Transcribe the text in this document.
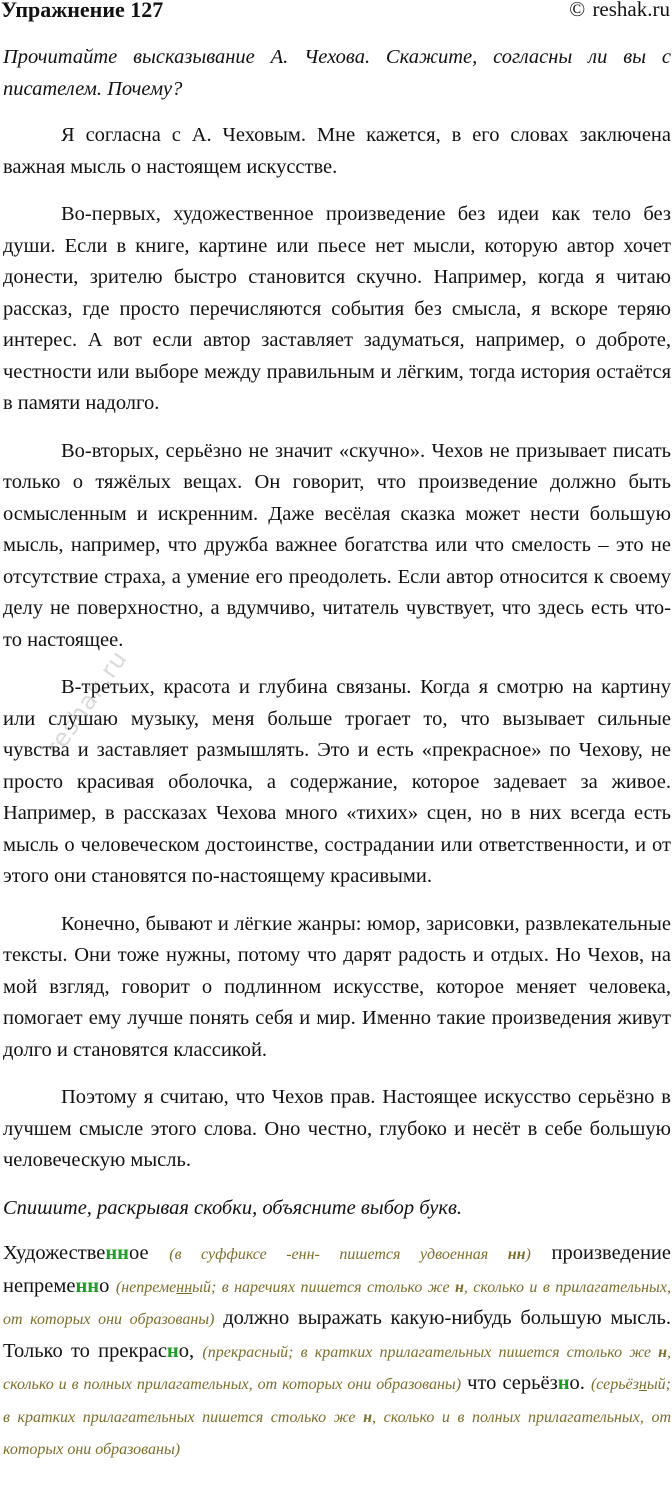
Упражнение 127	© reshak.ru
reshak.ru

Прочитайте высказывание А. Чехова. Скажите, согласны ли вы с писателем. Почему?

Я согласна с А. Чеховым. Мне кажется, в его словах заключена важная мысль о настоящем искусстве.

Во-первых, художественное произведение без идеи как тело без души. Если в книге, картине или пьесе нет мысли, которую автор хочет донести, зрителю быстро становится скучно. Например, когда я читаю рассказ, где просто перечисляются события без смысла, я вскоре теряю интерес. А вот если автор заставляет задуматься, например, о доброте, честности или выборе между правильным и лёгким, тогда история остаётся в памяти надолго.

Во-вторых, серьёзно не значит «скучно». Чехов не призывает писать только о тяжёлых вещах. Он говорит, что произведение должно быть осмысленным и искренним. Даже весёлая сказка может нести большую мысль, например, что дружба важнее богатства или что смелость – это не отсутствие страха, а умение его преодолеть. Если автор относится к своему делу не поверхностно, а вдумчиво, читатель чувствует, что здесь есть что-то настоящее.

В-третьих, красота и глубина связаны. Когда я смотрю на картину или слушаю музыку, меня больше трогает то, что вызывает сильные чувства и заставляет размышлять. Это и есть «прекрасное» по Чехову, не просто красивая оболочка, а содержание, которое задевает за живое. Например, в рассказах Чехова много «тихих» сцен, но в них всегда есть мысль о человеческом достоинстве, сострадании или ответственности, и от этого они становятся по-настоящему красивыми.

Конечно, бывают и лёгкие жанры: юмор, зарисовки, развлекательные тексты. Они тоже нужны, потому что дарят радость и отдых. Но Чехов, на мой взгляд, говорит о подлинном искусстве, которое меняет человека, помогает ему лучше понять себя и мир. Именно такие произведения живут долго и становятся классикой.

Поэтому я считаю, что Чехов прав. Настоящее искусство серьёзно в лучшем смысле этого слова. Оно честно, глубоко и несёт в себе большую человеческую мысль.

Спишите, раскрывая скобки, объясните выбор букв.

Художественное (в суффиксе -енн- пишется удвоенная нн) произведение непременно (непременный; в наречиях пишется столько же н, сколько и в прилагательных, от которых они образованы) должно выражать какую-нибудь большую мысль. Только то прекрасно, (прекрасный; в кратких прилагательных пишется столько же н, сколько и в полных прилагательных, от которых они образованы) что серьёзно. (серьёзный; в кратких прилагательных пишется столько же н, сколько и в полных прилагательных, от которых они образованы)
